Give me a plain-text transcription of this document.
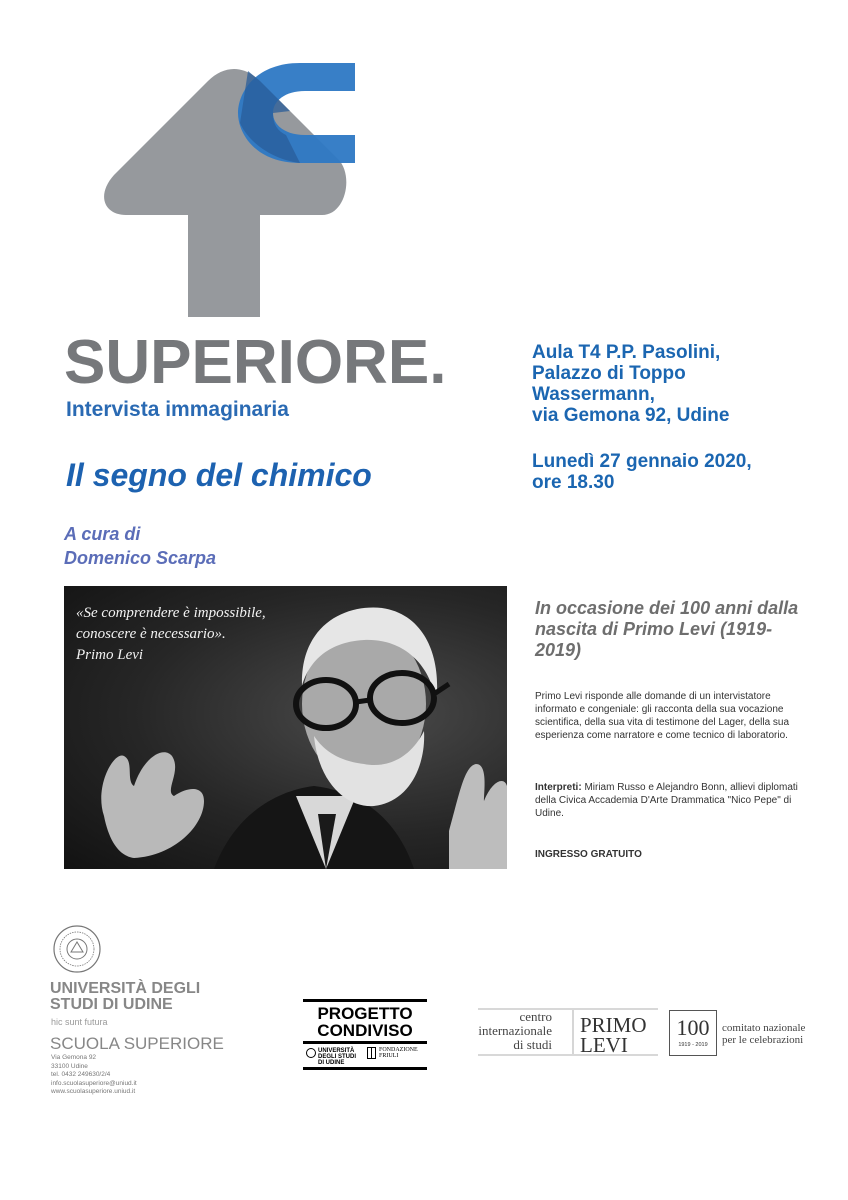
SUPERIORE.
Intervista immaginaria
Il segno del chimico
A cura di
Domenico Scarpa
Aula T4 P.P. Pasolini,
Palazzo di Toppo
Wassermann,
via Gemona 92, Udine
Lunedì 27 gennaio 2020,
ore 18.30
«Se comprendere è impossibile,
conoscere è necessario».
Primo Levi
In occasione dei 100 anni dalla nascita di Primo Levi (1919-2019)
Primo Levi risponde alle domande di un intervistatore informato e congeniale: gli racconta della sua vocazione scientifica, della sua vita di testimone del Lager, della sua esperienza come narratore e come tecnico di laboratorio.
Interpreti: Miriam Russo e Alejandro Bonn, allievi diplomati della Civica Accademia D'Arte Drammatica "Nico Pepe" di Udine.
INGRESSO GRATUITO
UNIVERSITÀ DEGLI
STUDI DI UDINE
hic sunt futura
SCUOLA SUPERIORE
Via Gemona 92
33100 Udine
tel. 0432 249630/2/4
info.scuolasuperiore@uniud.it
www.scuolasuperiore.uniud.it
PROGETTO
CONDIVISO
UNIVERSITÀ DEGLI STUDI DI UDINE
FONDAZIONE FRIULI
centro
internazionale
di studi
PRIMO
LEVI
100
1919 - 2019
comitato nazionale
per le celebrazioni
